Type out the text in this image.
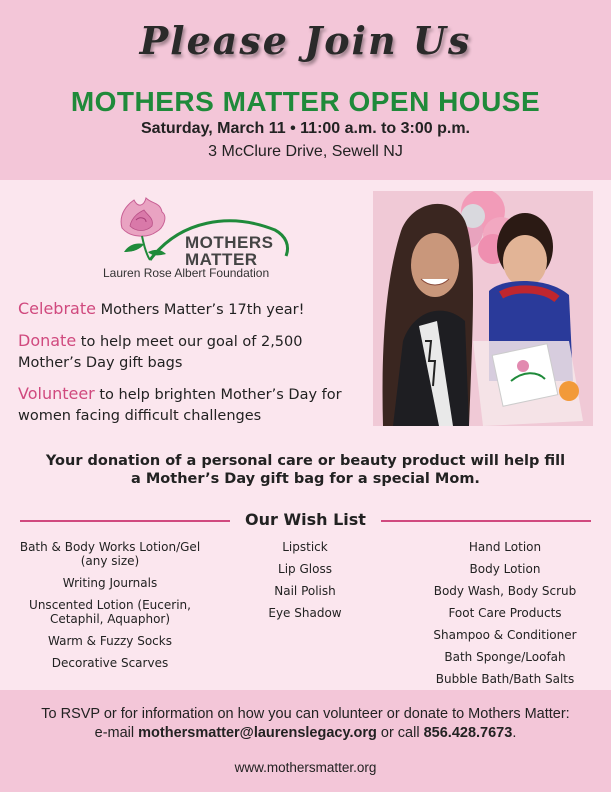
Please Join Us
MOTHERS MATTER OPEN HOUSE
Saturday, March 11 • 11:00 a.m. to 3:00 p.m.
3 McClure Drive, Sewell NJ
MOTHERS
MATTER
Lauren Rose Albert Foundation
Celebrate Mothers Matter’s 17th year!
Donate to help meet our goal of 2,500 Mother’s Day gift bags
Volunteer to help brighten Mother’s Day for women facing difficult challenges
Your donation of a personal care or beauty product will help fill a Mother’s Day gift bag for a special Mom.
Our Wish List
Bath & Body Works Lotion/Gel (any size)
Writing Journals
Unscented Lotion (Eucerin, Cetaphil, Aquaphor)
Warm & Fuzzy Socks
Decorative Scarves
Lipstick
Lip Gloss
Nail Polish
Eye Shadow
Hand Lotion
Body Lotion
Body Wash, Body Scrub
Foot Care Products
Shampoo & Conditioner
Bath Sponge/Loofah
Bubble Bath/Bath Salts
To RSVP or for information on how you can volunteer or donate to Mothers Matter:
e-mail mothersmatter@laurenslegacy.org or call 856.428.7673.
www.mothersmatter.org
